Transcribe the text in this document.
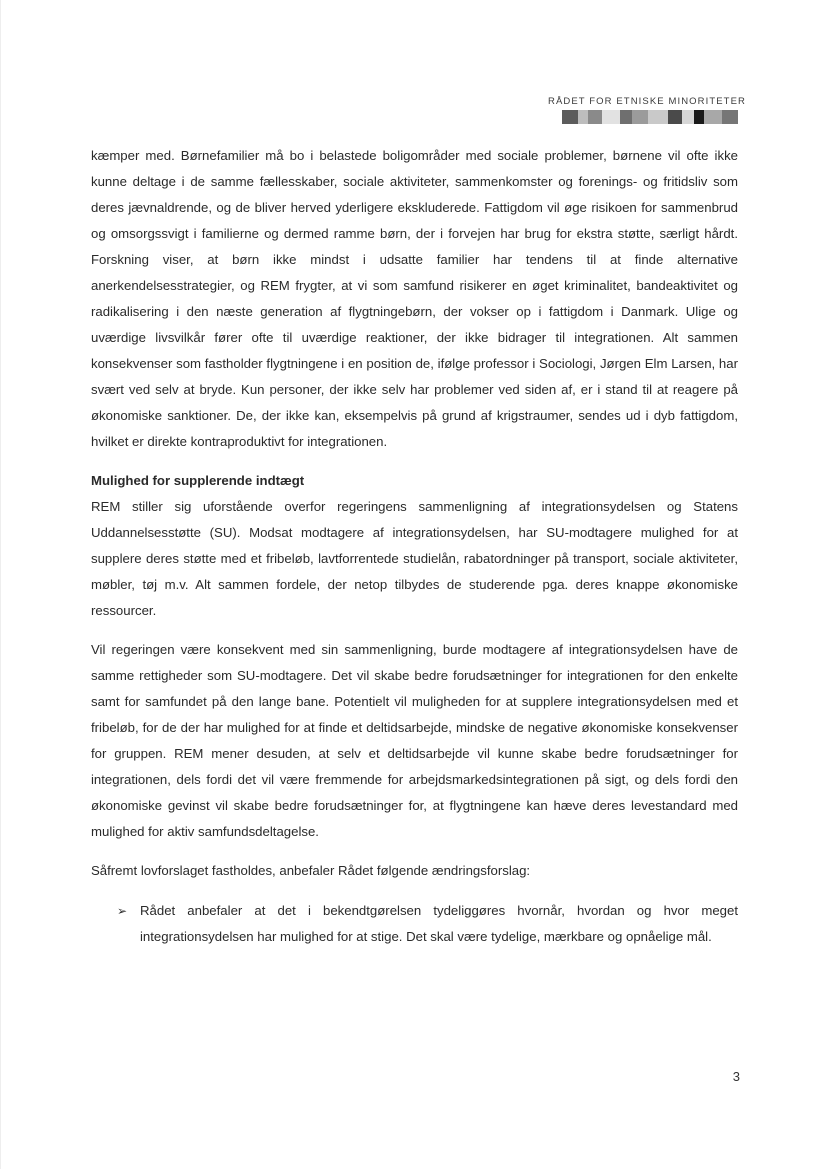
RÅDET FOR ETNISKE MINORITETER

kæmper med. Børnefamilier må bo i belastede boligområder med sociale problemer, børnene vil ofte ikke kunne deltage i de samme fællesskaber, sociale aktiviteter, sammenkomster og forenings- og fritidsliv som deres jævnaldrende, og de bliver herved yderligere ekskluderede. Fattigdom vil øge risikoen for sammenbrud og omsorgssvigt i familierne og dermed ramme børn, der i forvejen har brug for ekstra støtte, særligt hårdt. Forskning viser, at børn ikke mindst i udsatte familier har tendens til at finde alternative anerkendelsesstrategier, og REM frygter, at vi som samfund risikerer en øget kriminalitet, bandeaktivitet og radikalisering i den næste generation af flygtningebørn, der vokser op i fattigdom i Danmark. Ulige og uværdige livsvilkår fører ofte til uværdige reaktioner, der ikke bidrager til integrationen. Alt sammen konsekvenser som fastholder flygtningene i en position de, ifølge professor i Sociologi, Jørgen Elm Larsen, har svært ved selv at bryde. Kun personer, der ikke selv har problemer ved siden af, er i stand til at reagere på økonomiske sanktioner. De, der ikke kan, eksempelvis på grund af krigstraumer, sendes ud i dyb fattigdom, hvilket er direkte kontraproduktivt for integrationen.

Mulighed for supplerende indtægt

REM stiller sig uforstående overfor regeringens sammenligning af integrationsydelsen og Statens Uddannelsesstøtte (SU). Modsat modtagere af integrationsydelsen, har SU-modtagere mulighed for at supplere deres støtte med et fribeløb, lavtforrentede studielån, rabatordninger på transport, sociale aktiviteter, møbler, tøj m.v. Alt sammen fordele, der netop tilbydes de studerende pga. deres knappe økonomiske ressourcer.

Vil regeringen være konsekvent med sin sammenligning, burde modtagere af integrationsydelsen have de samme rettigheder som SU-modtagere. Det vil skabe bedre forudsætninger for integrationen for den enkelte samt for samfundet på den lange bane. Potentielt vil muligheden for at supplere integrationsydelsen med et fribeløb, for de der har mulighed for at finde et deltidsarbejde, mindske de negative økonomiske konsekvenser for gruppen. REM mener desuden, at selv et deltidsarbejde vil kunne skabe bedre forudsætninger for integrationen, dels fordi det vil være fremmende for arbejdsmarkedsintegrationen på sigt, og dels fordi den økonomiske gevinst vil skabe bedre forudsætninger for, at flygtningene kan hæve deres levestandard med mulighed for aktiv samfundsdeltagelse.

Såfremt lovforslaget fastholdes, anbefaler Rådet følgende ændringsforslag:

➢ Rådet anbefaler at det i bekendtgørelsen tydeliggøres hvornår, hvordan og hvor meget integrationsydelsen har mulighed for at stige. Det skal være tydelige, mærkbare og opnåelige mål.

3
